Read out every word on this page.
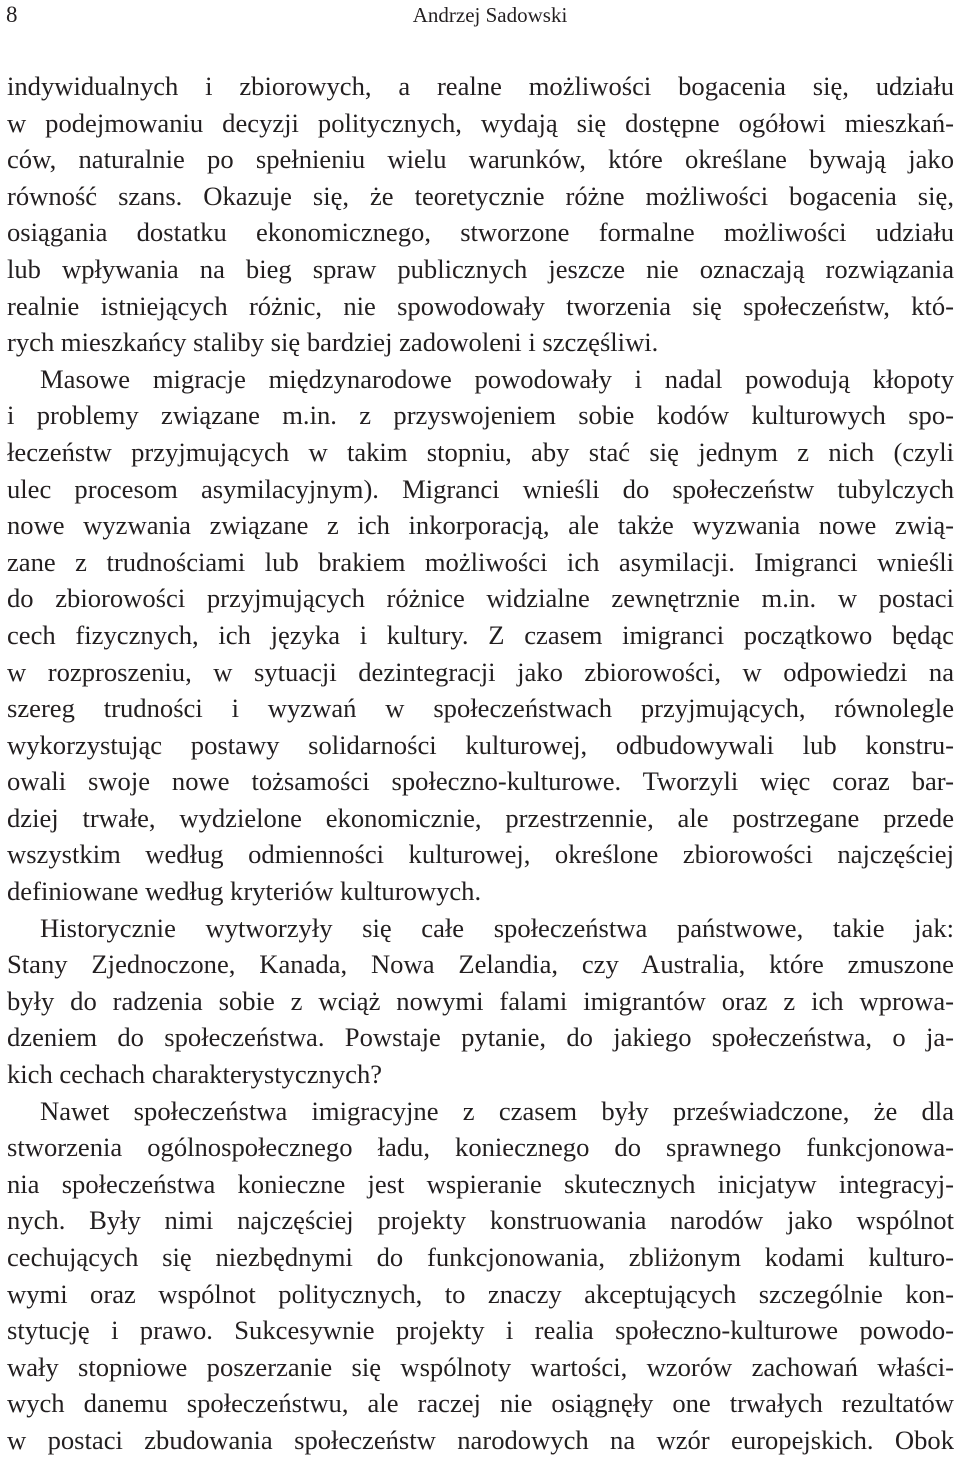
8	Andrzej Sadowski
indywidualnych i zbiorowych, a realne możliwości bogacenia się, udziału
w podejmowaniu decyzji politycznych, wydają się dostępne ogółowi mieszkań-
ców, naturalnie po spełnieniu wielu warunków, które określane bywają jako
równość szans. Okazuje się, że teoretycznie różne możliwości bogacenia się,
osiągania dostatku ekonomicznego, stworzone formalne możliwości udziału
lub wpływania na bieg spraw publicznych jeszcze nie oznaczają rozwiązania
realnie istniejących różnic, nie spowodowały tworzenia się społeczeństw, któ-
rych mieszkańcy staliby się bardziej zadowoleni i szczęśliwi.
Masowe migracje międzynarodowe powodowały i nadal powodują kłopoty
i problemy związane m.in. z przyswojeniem sobie kodów kulturowych spo-
łeczeństw przyjmujących w takim stopniu, aby stać się jednym z nich (czyli
ulec procesom asymilacyjnym). Migranci wnieśli do społeczeństw tubylczych
nowe wyzwania związane z ich inkorporacją, ale także wyzwania nowe zwią-
zane z trudnościami lub brakiem możliwości ich asymilacji. Imigranci wnieśli
do zbiorowości przyjmujących różnice widzialne zewnętrznie m.in. w postaci
cech fizycznych, ich języka i kultury. Z czasem imigranci początkowo będąc
w rozproszeniu, w sytuacji dezintegracji jako zbiorowości, w odpowiedzi na
szereg trudności i wyzwań w społeczeństwach przyjmujących, równolegle
wykorzystując postawy solidarności kulturowej, odbudowywali lub konstru-
owali swoje nowe tożsamości społeczno-kulturowe. Tworzyli więc coraz bar-
dziej trwałe, wydzielone ekonomicznie, przestrzennie, ale postrzegane przede
wszystkim według odmienności kulturowej, określone zbiorowości najczęściej
definiowane według kryteriów kulturowych.
Historycznie wytworzyły się całe społeczeństwa państwowe, takie jak:
Stany Zjednoczone, Kanada, Nowa Zelandia, czy Australia, które zmuszone
były do radzenia sobie z wciąż nowymi falami imigrantów oraz z ich wprowa-
dzeniem do społeczeństwa. Powstaje pytanie, do jakiego społeczeństwa, o ja-
kich cechach charakterystycznych?
Nawet społeczeństwa imigracyjne z czasem były przeświadczone, że dla
stworzenia ogólnospołecznego ładu, koniecznego do sprawnego funkcjonowa-
nia społeczeństwa konieczne jest wspieranie skutecznych inicjatyw integracyj-
nych. Były nimi najczęściej projekty konstruowania narodów jako wspólnot
cechujących się niezbędnymi do funkcjonowania, zbliżonym kodami kulturo-
wymi oraz wspólnot politycznych, to znaczy akceptujących szczególnie kon-
stytucję i prawo. Sukcesywnie projekty i realia społeczno-kulturowe powodo-
wały stopniowe poszerzanie się wspólnoty wartości, wzorów zachowań właści-
wych danemu społeczeństwu, ale raczej nie osiągnęły one trwałych rezultatów
w postaci zbudowania społeczeństw narodowych na wzór europejskich. Obok
